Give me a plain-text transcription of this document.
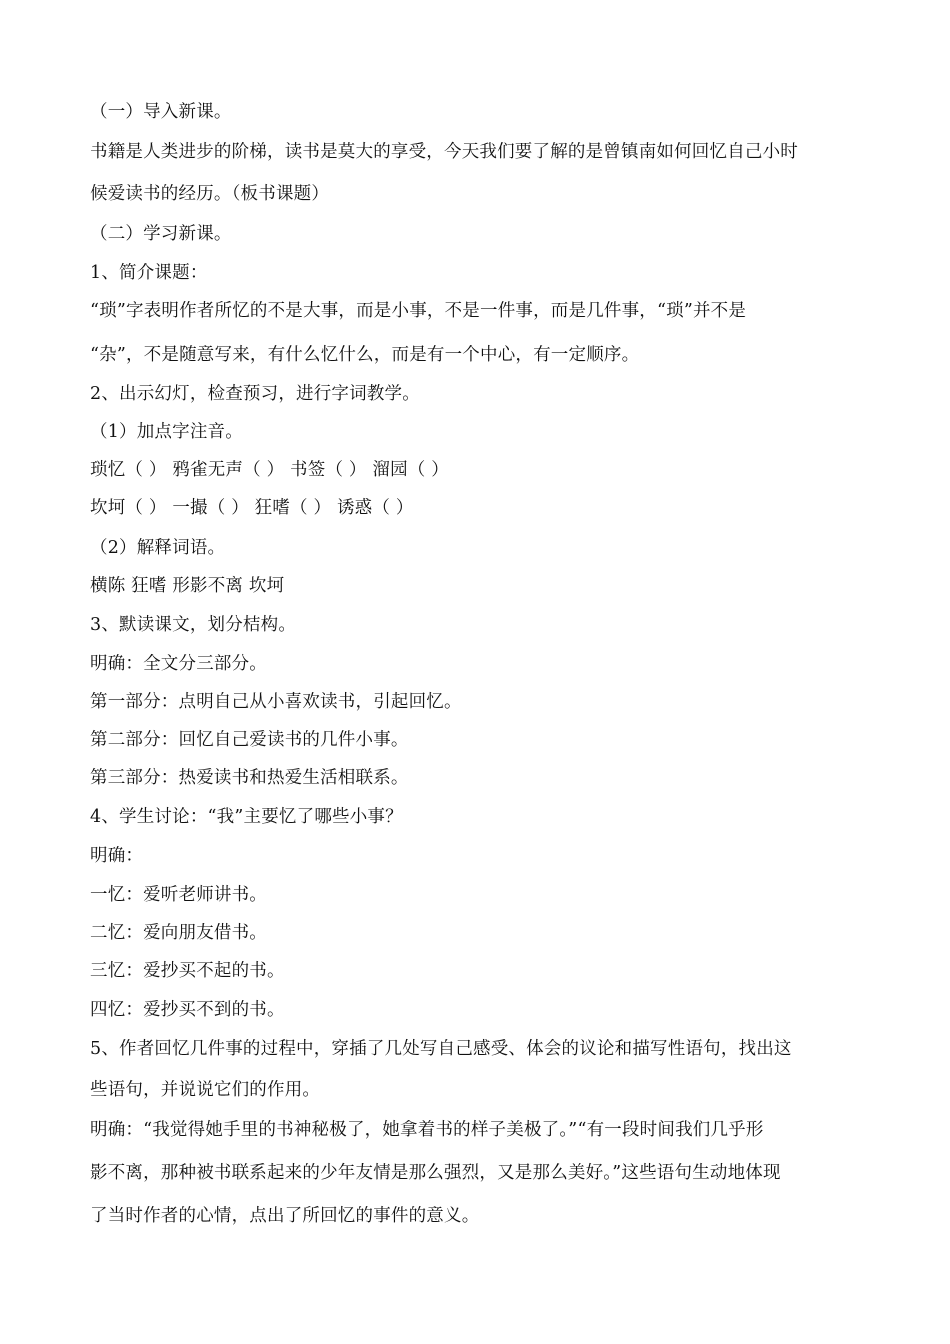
（一）导入新课。
书籍是人类进步的阶梯，读书是莫大的享受，今天我们要了解的是曾镇南如何回忆自己小时
候爱读书的经历。（板书课题）
（二）学习新课。
1、简介课题：
“琐”字表明作者所忆的不是大事，而是小事，不是一件事，而是几件事，“琐”并不是
“杂”，不是随意写来，有什么忆什么，而是有一个中心，有一定顺序。
2、出示幻灯，检查预习，进行字词教学。
（1）加点字注音。
琐忆（ ） 鸦雀无声（ ） 书签（ ） 溜园（ ）
坎坷（ ） 一撮（ ） 狂嗜（ ） 诱惑（ ）
（2）解释词语。
横陈 狂嗜 形影不离 坎坷
3、默读课文，划分桔构。
明确：全文分三部分。
第一部分：点明自己从小喜欢读书，引起回忆。
第二部分：回忆自己爱读书的几件小事。
第三部分：热爱读书和热爱生活相联系。
4、学生讨论：“我”主要忆了哪些小事？
明确：
一忆：爱听老师讲书。
二忆：爱向朋友借书。
三忆：爱抄买不起的书。
四忆：爱抄买不到的书。
5、作者回忆几件事的过程中，穿插了几处写自己感受、体会的议论和描写性语句，找出这
些语句，并说说它们的作用。
明确：“我觉得她手里的书神秘极了，她拿着书的样子美极了。”“有一段时间我们几乎形
影不离，那种被书联系起来的少年友情是那么强烈，又是那么美好。”这些语句生动地体现
了当时作者的心情，点出了所回忆的事件的意义。
